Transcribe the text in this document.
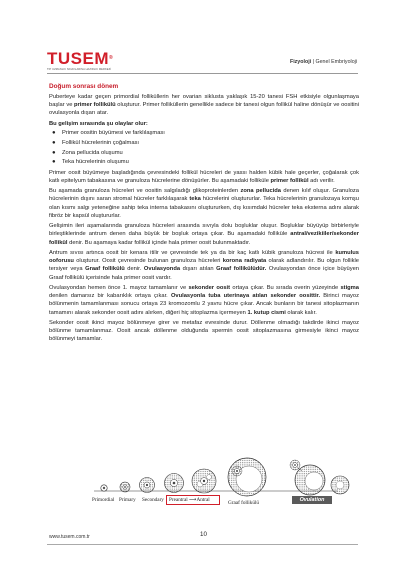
TUSEM®
TIP UZMANLIK SINAVLARINA HAZIRLIK MERKEZİ
Fizyoloji | Genel Embriyoloji
Doğum sonrası dönem
Puberteye kadar geçen primordial folliküllerin her ovarian siklusta yaklaşık 15-20 tanesi FSH etkisiyle olgunlaşmaya başlar ve primer follikülü oluşturur. Primer folliküllerin genellikle sadece bir tanesi olgun follikül haline dönüşür ve oositini ovulasyonla dışarı atar.
Bu gelişim sırasında şu olaylar olur:
● Primer oositin büyümesi ve farklılaşması
● Follikül hücrelerinin çoğalması
● Zona pellucida oluşumu
● Teka hücrelerinin oluşumu
Primer oosit büyümeye başladığında çevresindeki follikül hücreleri de yassı halden kübik hale geçerler, çoğalarak çok katlı epitelyum tabakasına ve granuloza hücrelerine dönüşürler. Bu aşamadaki folliküle primer follikül adı verilir.
Bu aşamada granuloza hücreleri ve oositin salgıladığı glikoproteinlerden zona pellucida denen kılıf oluşur. Granuloza hücrelerinin dışını saran stromal hücreler farklılaşarak teka hücrelerini oluştururlar. Teka hücrelerinin granulozaya komşu olan kısmı salgı yeteneğine sahip teka interna tabakasını oluştururken, dış kısımdaki hücreler teka eksterna adını alarak fibröz bir kapsül oluştururlar.
Gelişimin ileri aşamalarında granuloza hücreleri arasında sıvıyla dolu boşluklar oluşur. Boşluklar büyüyüp birbirleriyle birleştiklerinde antrum denen daha büyük bir boşluk ortaya çıkar. Bu aşamadaki folliküle antral/vezikiiler/sekonder follikül denir. Bu aşamaya kadar follikül içinde hala primer oosit bulunmaktadır.
Antrum sıvısı artınca oosit bir kenara itilir ve çevresinde tek ya da bir kaç katlı kübik granuloza hücresi ile kumulus ooforusu oluşturur. Oosit çevresinde bulunan granuloza hücreleri korona radiyata olarak adlandırılır. Bu olgun follikle tersiyer veya Graaf follikülü denir. Ovulasyonda dışarı atılan Graaf follikülüdür. Ovulasyondan önce içice büyüyen Graaf follikülü içerisinde hala primer oosit vardır.
Ovulasyondan hemen önce 1. mayoz tamamlanır ve sekonder oosit ortaya çıkar. Bu sırada overin yüzeyinde stigma denilen damarsız bir kabarıklık ortaya çıkar. Ovulasyonla tuba uterinaya atılan sekonder oosittir. Birinci mayoz bölünmenin tamamlanması sonucu ortaya 23 kromozomlu 2 yavru hücre çıkar. Ancak bunların bir tanesi sitoplazmanın tamamını alarak sekonder oosit adını alırken, diğeri hiç sitoplazma içermeyen 1. kutup cismi olarak kalır.
Sekonder oosit ikinci mayoz bölünmeye girer ve metafaz evresinde durur. Döllenme olmadığı takdirde ikinci mayoz bölünme tamamlanmaz. Oosit ancak döllenme olduğunda spermin oosit sitoplazmasına girmesiyle ikinci mayoz bölünmeyi tamamlar.
Primordial Primary Secondary Preantral ⟶Antral	Graaf follikülü	Ovulation
www.tusem.com.tr	10
